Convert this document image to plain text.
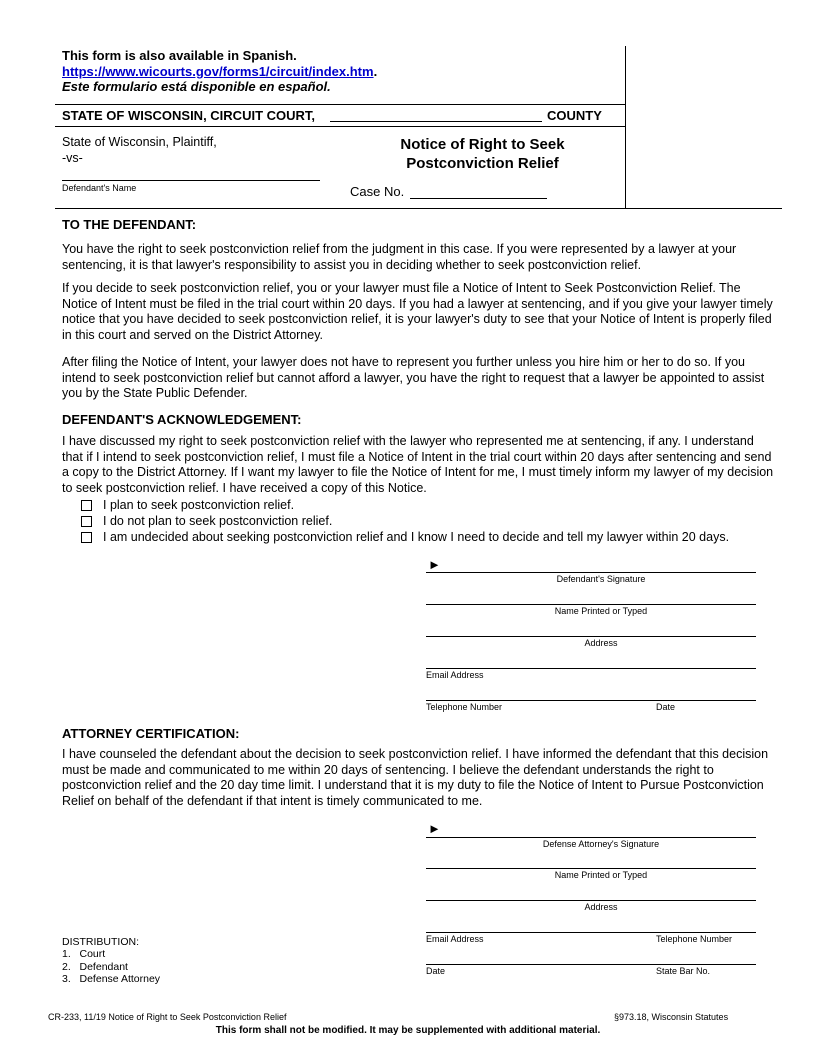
This form is also available in Spanish.
https://www.wicourts.gov/forms1/circuit/index.htm.
Este formulario está disponible en español.
STATE OF WISCONSIN, CIRCUIT COURT,	COUNTY
State of Wisconsin, Plaintiff,
-vs-
Defendant's Name
Notice of Right to Seek
Postconviction Relief
Case No.
TO THE DEFENDANT:

You have the right to seek postconviction relief from the judgment in this case. If you were represented by a lawyer at your sentencing, it is that lawyer's responsibility to assist you in deciding whether to seek postconviction relief.

If you decide to seek postconviction relief, you or your lawyer must file a Notice of Intent to Seek Postconviction Relief. The Notice of Intent must be filed in the trial court within 20 days. If you had a lawyer at sentencing, and if you give your lawyer timely notice that you have decided to seek postconviction relief, it is your lawyer's duty to see that your Notice of Intent is properly filed in this court and served on the District Attorney.

After filing the Notice of Intent, your lawyer does not have to represent you further unless you hire him or her to do so. If you intend to seek postconviction relief but cannot afford a lawyer, you have the right to request that a lawyer be appointed to assist you by the State Public Defender.

DEFENDANT'S ACKNOWLEDGEMENT:

I have discussed my right to seek postconviction relief with the lawyer who represented me at sentencing, if any. I understand that if I intend to seek postconviction relief, I must file a Notice of Intent in the trial court within 20 days after sentencing and send a copy to the District Attorney. If I want my lawyer to file the Notice of Intent for me, I must timely inform my lawyer of my decision to seek postconviction relief. I have received a copy of this Notice.

I plan to seek postconviction relief.
I do not plan to seek postconviction relief.
I am undecided about seeking postconviction relief and I know I need to decide and tell my lawyer within 20 days.
►
Defendant's Signature
Name Printed or Typed
Address
Email Address
Telephone Number	Date
ATTORNEY CERTIFICATION:

I have counseled the defendant about the decision to seek postconviction relief. I have informed the defendant that this decision must be made and communicated to me within 20 days of sentencing. I believe the defendant understands the right to postconviction relief and the 20 day time limit. I understand that it is my duty to file the Notice of Intent to Pursue Postconviction Relief on behalf of the defendant if that intent is timely communicated to me.

►
Defense Attorney's Signature
Name Printed or Typed
Address
Email Address	Telephone Number
Date	State Bar No.
DISTRIBUTION:
1.   Court
2.   Defendant
3.   Defense Attorney
CR-233, 11/19 Notice of Right to Seek Postconviction Relief	§973.18, Wisconsin Statutes
This form shall not be modified. It may be supplemented with additional material.
